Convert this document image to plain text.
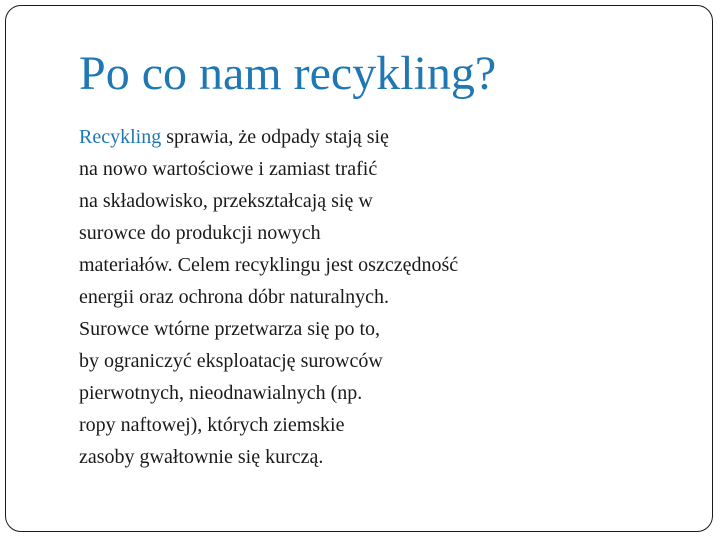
Po co nam recykling?
Recykling sprawia, że odpady stają się
na nowo wartościowe i zamiast trafić
na składowisko, przekształcają się w
surowce do produkcji nowych
materiałów. Celem recyklingu jest oszczędność
energii oraz ochrona dóbr naturalnych.
Surowce wtórne przetwarza się po to,
by ograniczyć eksploatację surowców
pierwotnych, nieodnawialnych (np.
ropy naftowej), których ziemskie
zasoby gwałtownie się kurczą.
